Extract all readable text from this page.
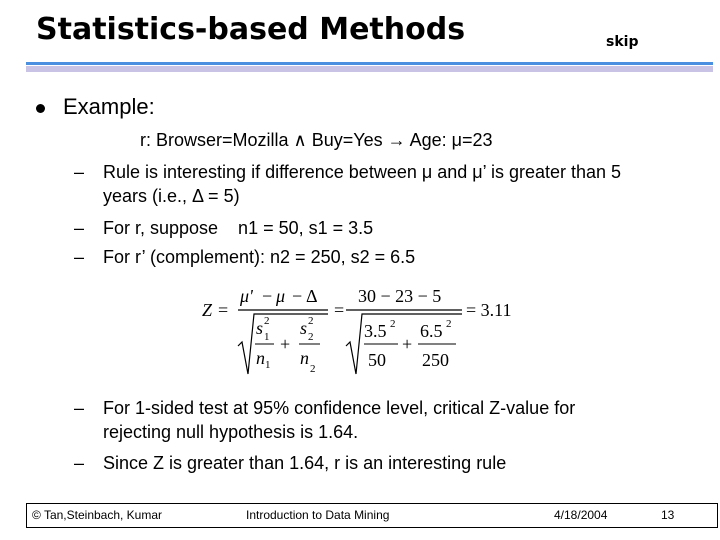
Statistics-based Methods	skip
Example:
r: Browser=Mozilla ∧ Buy=Yes → Age: μ=23
– Rule is interesting if difference between μ and μ’ is greater than 5
years (i.e., Δ = 5)
– For r, suppose    n1 = 50, s1 = 3.5
– For r’ (complement): n2 = 250, s2 = 6.5
Z =
μ' − μ − Δ
s 2
1
n 1
+
s 2
2
n
2
=
30 − 23 − 5
3.5 2
50
+
6.5 2
250
= 3.11
– For 1-sided test at 95% confidence level, critical Z-value for
rejecting null hypothesis is 1.64.
– Since Z is greater than 1.64, r is an interesting rule
© Tan,Steinbach, Kumar	Introduction to Data Mining	4/18/2004	13
